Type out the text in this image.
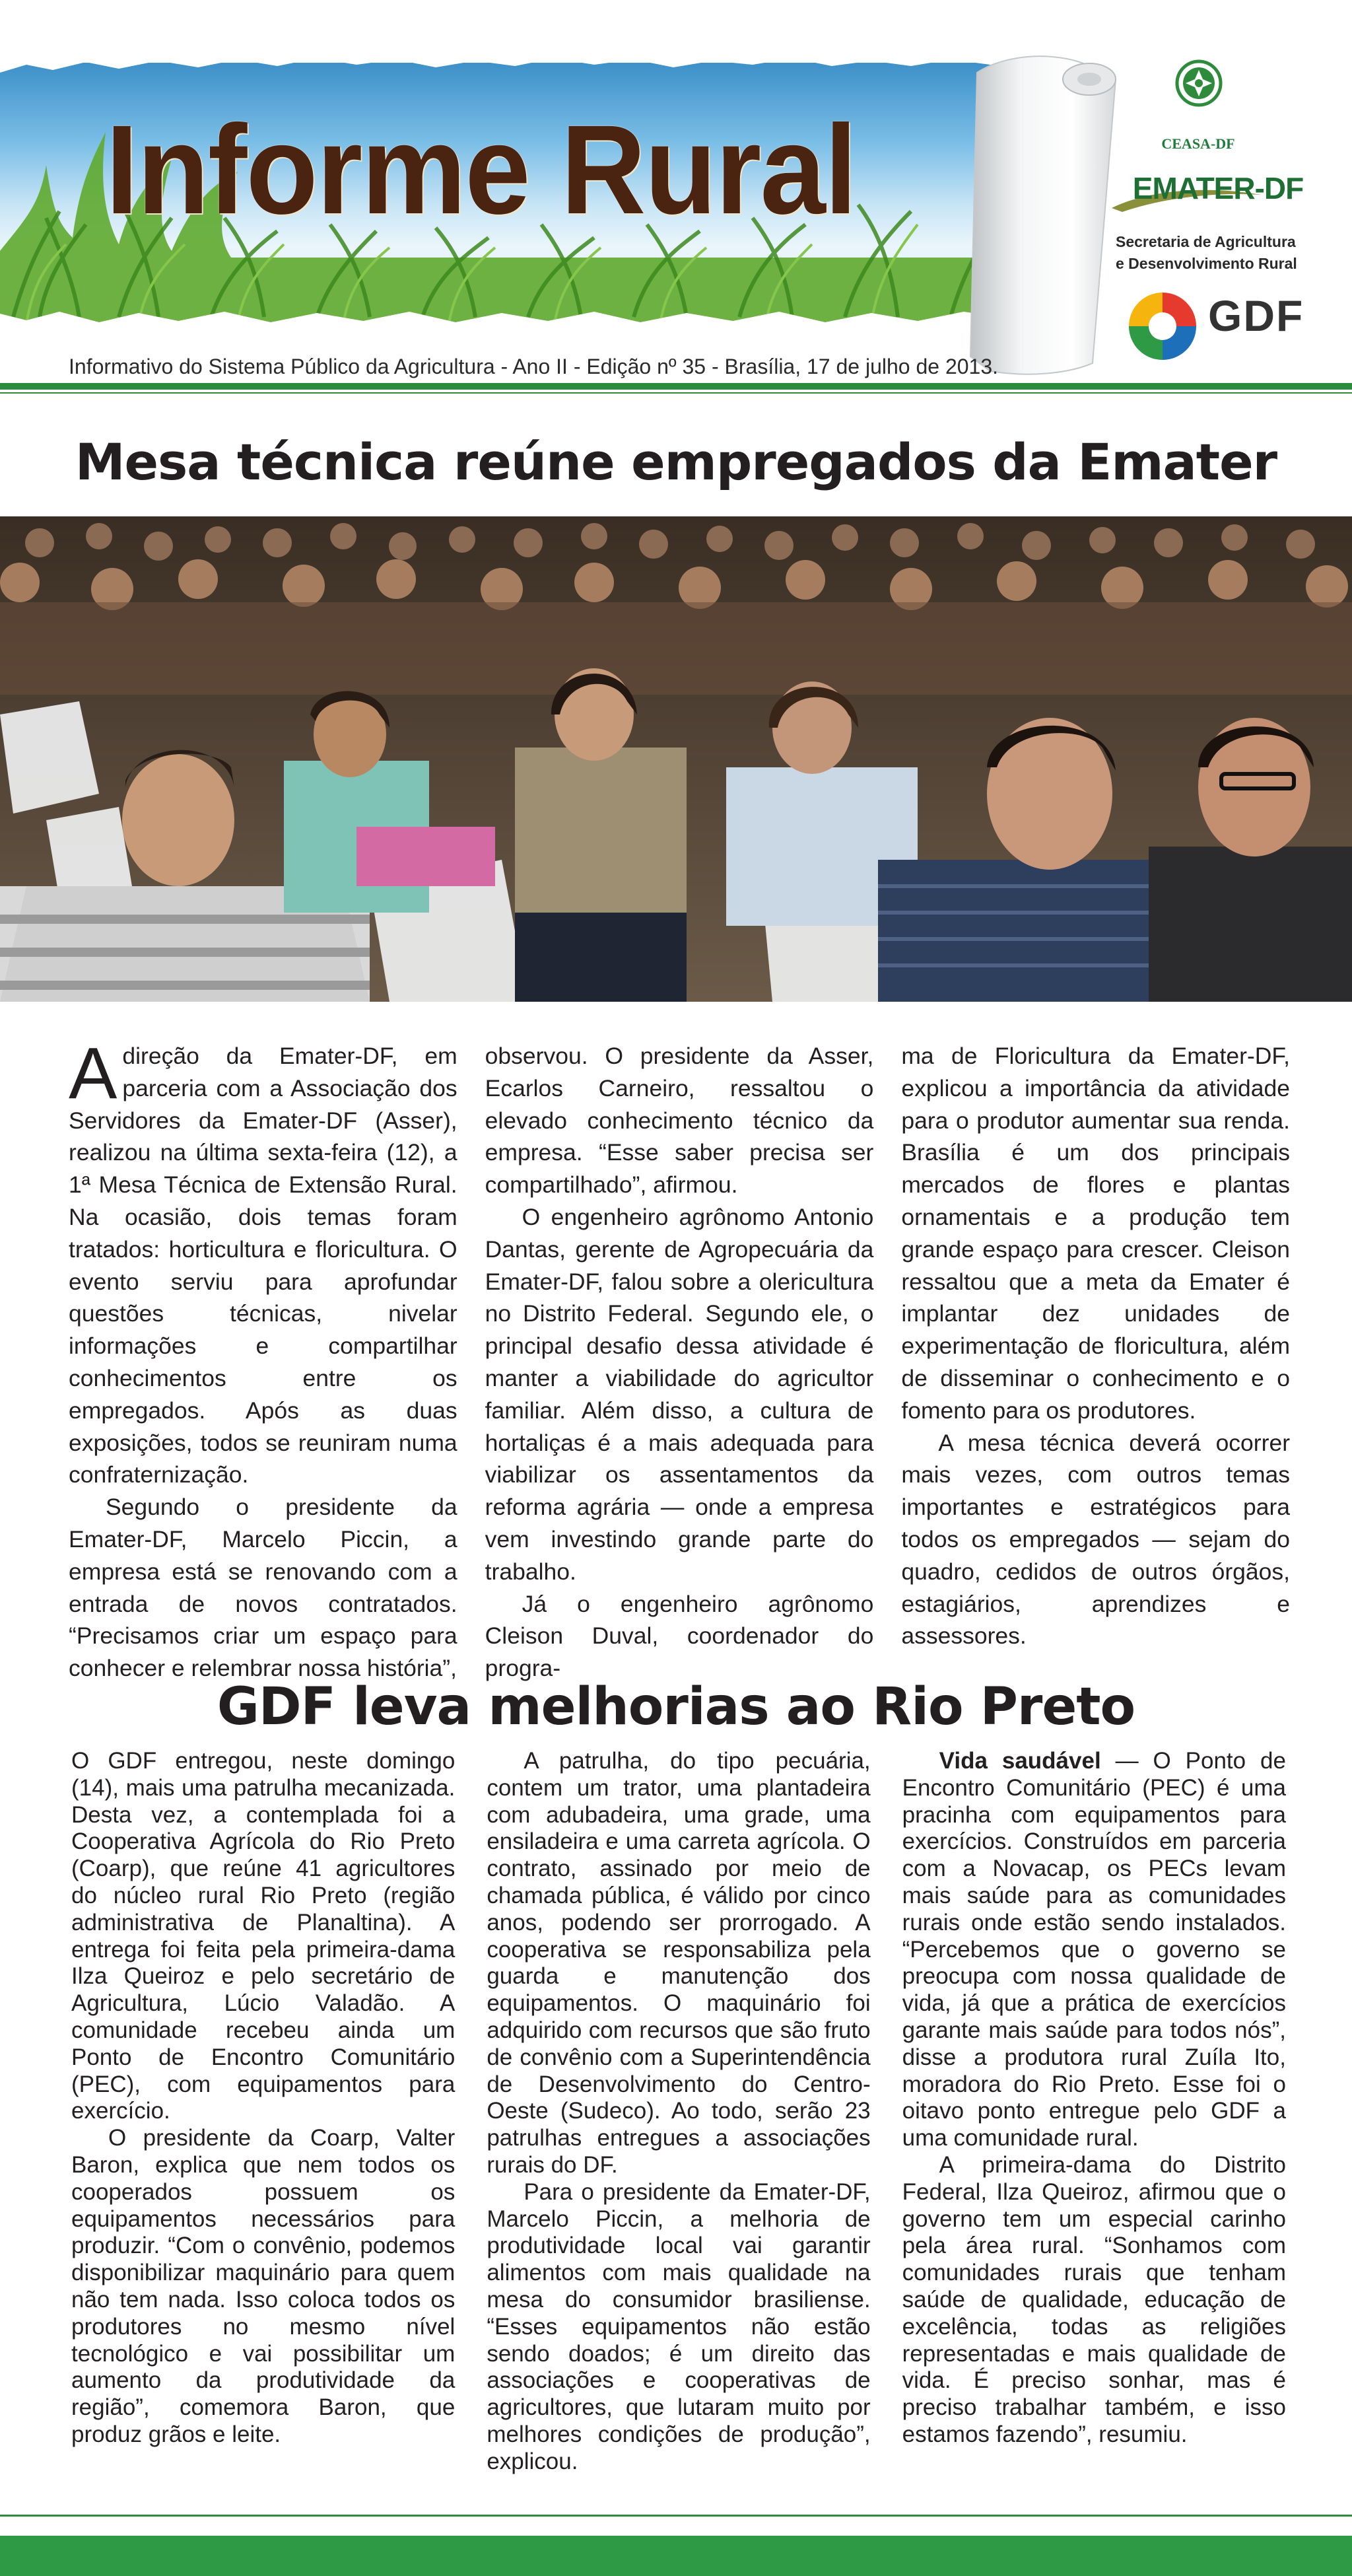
Informe Rural	CEASA-DF
EMATER-DF
Secretaria de Agricultura
e Desenvolvimento Rural
GDF
Informativo do Sistema Público da Agricultura - Ano II - Edição nº 35 - Brasília, 17 de julho de 2013.
Mesa técnica reúne empregados da Emater

Adireção da Emater-DF, em parceria com a Associação dos Servidores da Emater-DF (Asser), realizou na última sexta-feira (12), a 1ª Mesa Técnica de Extensão Rural. Na ocasião, dois temas foram tratados: horticultura e floricultura. O evento serviu para aprofundar questões técnicas, nivelar informações e compartilhar conhecimentos entre os empregados. Após as duas exposições, todos se reuniram numa confraternização.

Segundo o presidente da Emater-DF, Marcelo Piccin, a empresa está se renovando com a entrada de novos contratados. “Precisamos criar um espaço para conhecer e relembrar nossa história”,

observou. O presidente da Asser, Ecarlos Carneiro, ressaltou o elevado conhecimento técnico da empresa. “Esse saber precisa ser compartilhado”, afirmou.

O engenheiro agrônomo Antonio Dantas, gerente de Agropecuária da Emater-DF, falou sobre a olericultura no Distrito Federal. Segundo ele, o principal desafio dessa atividade é manter a viabilidade do agricultor familiar. Além disso, a cultura de hortaliças é a mais adequada para viabilizar os assentamentos da reforma agrária — onde a empresa vem investindo grande parte do trabalho.

Já o engenheiro agrônomo Cleison Duval, coordenador do progra-

ma de Floricultura da Emater-DF, explicou a importância da atividade para o produtor aumentar sua renda. Brasília é um dos principais mercados de flores e plantas ornamentais e a produção tem grande espaço para crescer. Cleison ressaltou que a meta da Emater é implantar dez unidades de experimentação de floricultura, além de disseminar o conhecimento e o fomento para os produtores.

A mesa técnica deverá ocorrer mais vezes, com outros temas importantes e estratégicos para todos os empregados — sejam do quadro, cedidos de outros órgãos, estagiários, aprendizes e assessores.

GDF leva melhorias ao Rio Preto

O GDF entregou, neste domingo (14), mais uma patrulha mecanizada. Desta vez, a contemplada foi a Cooperativa Agrícola do Rio Preto (Coarp), que reúne 41 agricultores do núcleo rural Rio Preto (região administrativa de Planaltina). A entrega foi feita pela primeira-dama Ilza Queiroz e pelo secretário de Agricultura, Lúcio Valadão. A comunidade recebeu ainda um Ponto de Encontro Comunitário (PEC), com equipamentos para exercício.

O presidente da Coarp, Valter Baron, explica que nem todos os cooperados possuem os equipamentos necessários para produzir. “Com o convênio, podemos disponibilizar maquinário para quem não tem nada. Isso coloca todos os produtores no mesmo nível tecnológico e vai possibilitar um aumento da produtividade da região”, comemora Baron, que produz grãos e leite.

A patrulha, do tipo pecuária, contem um trator, uma plantadeira com adubadeira, uma grade, uma ensiladeira e uma carreta agrícola. O contrato, assinado por meio de chamada pública, é válido por cinco anos, podendo ser prorrogado. A cooperativa se responsabiliza pela guarda e manutenção dos equipamentos. O maquinário foi adquirido com recursos que são fruto de convênio com a Superintendência de Desenvolvimento do Centro-Oeste (Sudeco). Ao todo, serão 23 patrulhas entregues a associações rurais do DF.

Para o presidente da Emater-DF, Marcelo Piccin, a melhoria de produtividade local vai garantir alimentos com mais qualidade na mesa do consumidor brasiliense. “Esses equipamentos não estão sendo doados; é um direito das associações e cooperativas de agricultores, que lutaram muito por melhores condições de produção”, explicou.

Vida saudável — O Ponto de Encontro Comunitário (PEC) é uma pracinha com equipamentos para exercícios. Construídos em parceria com a Novacap, os PECs levam mais saúde para as comunidades rurais onde estão sendo instalados. “Percebemos que o governo se preocupa com nossa qualidade de vida, já que a prática de exercícios garante mais saúde para todos nós”, disse a produtora rural Zuíla Ito, moradora do Rio Preto. Esse foi o oitavo ponto entregue pelo GDF a uma comunidade rural.

A primeira-dama do Distrito Federal, Ilza Queiroz, afirmou que o governo tem um especial carinho pela área rural. “Sonhamos com comunidades rurais que tenham saúde de qualidade, educação de excelência, todas as religiões representadas e mais qualidade de vida. É preciso sonhar, mas é preciso trabalhar também, e isso estamos fazendo”, resumiu.
